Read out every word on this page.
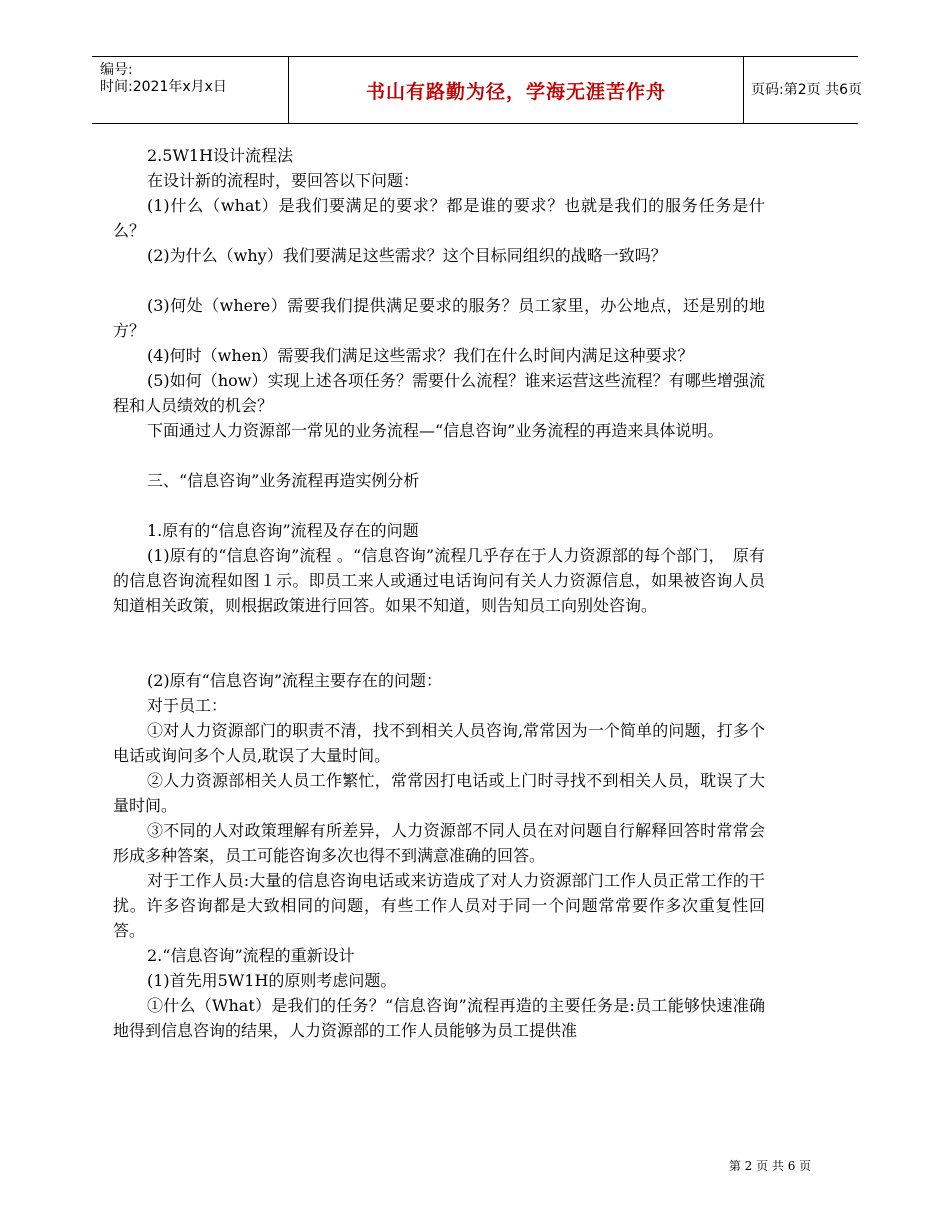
编号:
时间:2021年x月x日	书山有路勤为径，学海无涯苦作舟	页码:第2页 共6页

2.5W1H设计流程法

在设计新的流程时，要回答以下问题：

(1)什么（what）是我们要满足的要求？都是谁的要求？也就是我们的服务任务是什么？

(2)为什么（why）我们要满足这些需求？这个目标同组织的战略一致吗？

(3)何处（where）需要我们提供满足要求的服务？员工家里，办公地点，还是别的地方？

(4)何时（when）需要我们满足这些需求？我们在什么时间内满足这种要求？

(5)如何（how）实现上述各项任务？需要什么流程？谁来运营这些流程？有哪些增强流程和人员绩效的机会？

下面通过人力资源部一常见的业务流程—“信息咨询”业务流程的再造来具体说明。

三、“信息咨询”业务流程再造实例分析

1.原有的“信息咨询”流程及存在的问题

(1)原有的“信息咨询”流程 。“信息咨询”流程几乎存在于人力资源部的每个部门，　原有的信息咨询流程如图１示。即员工来人或通过电话询问有关人力资源信息，如果被咨询人员知道相关政策，则根据政策进行回答。如果不知道，则告知员工向别处咨询。

(2)原有“信息咨询”流程主要存在的问题：

对于员工：

①对人力资源部门的职责不清，找不到相关人员咨询,常常因为一个简单的问题，打多个电话或询问多个人员,耽误了大量时间。

②人力资源部相关人员工作繁忙，常常因打电话或上门时寻找不到相关人员，耽误了大量时间。

③不同的人对政策理解有所差异，人力资源部不同人员在对问题自行解释回答时常常会形成多种答案，员工可能咨询多次也得不到满意准确的回答。

对于工作人员:大量的信息咨询电话或来访造成了对人力资源部门工作人员正常工作的干扰。许多咨询都是大致相同的问题，有些工作人员对于同一个问题常常要作多次重复性回答。

2.“信息咨询”流程的重新设计

(1)首先用5W1H的原则考虑问题。

①什么（What）是我们的任务？“信息咨询”流程再造的主要任务是:员工能够快速准确地得到信息咨询的结果，人力资源部的工作人员能够为员工提供准

第 2 页 共 6 页
